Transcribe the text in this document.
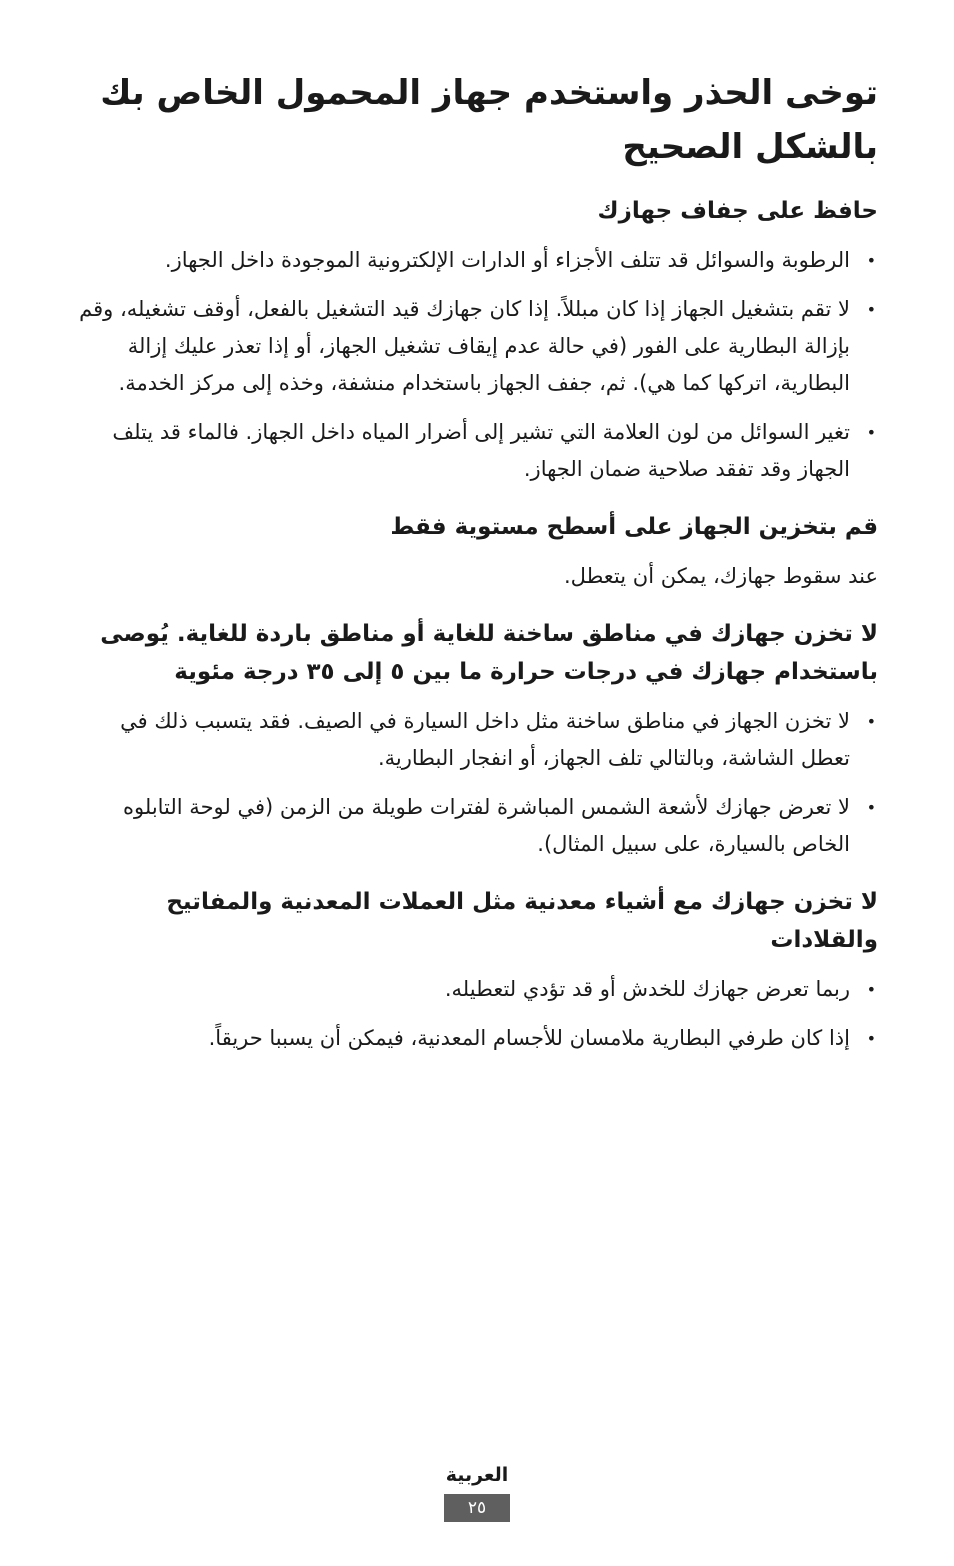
توخى الحذر واستخدم جهاز المحمول الخاص بك بالشكل الصحيح
حافظ على جفاف جهازك
•
الرطوبة والسوائل قد تتلف الأجزاء أو الدارات الإلكترونية الموجودة داخل الجهاز.
•
لا تقم بتشغيل الجهاز إذا كان مبللاً. إذا كان جهازك قيد التشغيل بالفعل، أوقف تشغيله، وقم بإزالة البطارية على الفور (في حالة عدم إيقاف تشغيل الجهاز، أو إذا تعذر عليك إزالة البطارية، اتركها كما هي). ثم، جفف الجهاز باستخدام منشفة، وخذه إلى مركز الخدمة.
•
تغير السوائل من لون العلامة التي تشير إلى أضرار المياه داخل الجهاز. فالماء قد يتلف الجهاز وقد تفقد صلاحية ضمان الجهاز.
قم بتخزين الجهاز على أسطح مستوية فقط

عند سقوط جهازك، يمكن أن يتعطل.

لا تخزن جهازك في مناطق ساخنة للغاية أو مناطق باردة للغاية. يُوصى باستخدام جهازك في درجات حرارة ما بين ٥ إلى ٣٥ درجة مئوية
•
لا تخزن الجهاز في مناطق ساخنة مثل داخل السيارة في الصيف. فقد يتسبب ذلك في تعطل الشاشة، وبالتالي تلف الجهاز، أو انفجار البطارية.
•
لا تعرض جهازك لأشعة الشمس المباشرة لفترات طويلة من الزمن (في لوحة التابلوه الخاص بالسيارة، على سبيل المثال).
لا تخزن جهازك مع أشياء معدنية مثل العملات المعدنية والمفاتيح والقلادات
•
ربما تعرض جهازك للخدش أو قد تؤدي لتعطيله.
•
إذا كان طرفي البطارية ملامسان للأجسام المعدنية، فيمكن أن يسببا حريقاً.
العربية
٢٥
